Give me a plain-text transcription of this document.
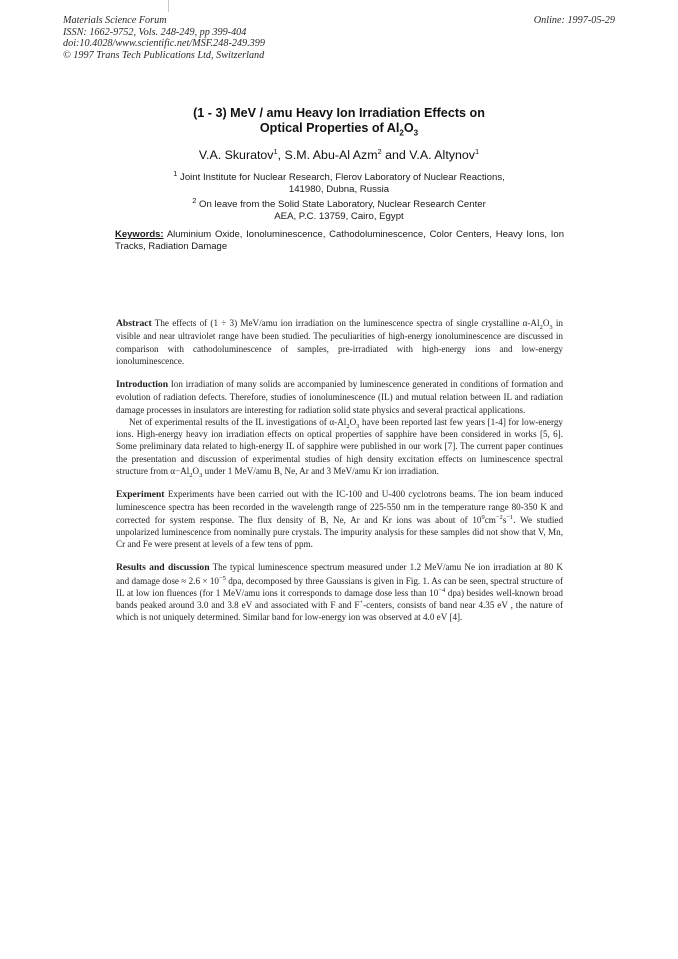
Materials Science Forum
ISSN: 1662-9752, Vols. 248-249, pp 399-404
doi:10.4028/www.scientific.net/MSF.248-249.399
© 1997 Trans Tech Publications Ltd, Switzerland
Online: 1997-05-29
(1 - 3) MeV / amu Heavy Ion Irradiation Effects on
Optical Properties of $Al_2O_3$
V.A. Skuratov$^1$, S.M. Abu-Al Azm$^2$ and V.A. Altynov$^1$
$^1$ Joint Institute for Nuclear Research, Flerov Laboratory of Nuclear Reactions,
141980, Dubna, Russia
$^2$ On leave from the Solid State Laboratory, Nuclear Research Center
AEA, P.C. 13759, Cairo, Egypt
Keywords: Aluminium Oxide, Ionoluminescence, Cathodoluminescence, Color Centers, Heavy Ions, Ion Tracks, Radiation Damage

Abstract The effects of (1 ÷ 3) MeV/amu ion irradiation on the luminescence spectra of single crystalline $\alpha-Al_2O_3$ in visible and near ultraviolet range have been studied. The peculiarities of high-energy ionoluminescence are discussed in comparison with cathodoluminescence of samples, pre-irradiated with high-energy ions and low-energy ionoluminescence.

Introduction Ion irradiation of many solids are accompanied by luminescence generated in conditions of formation and evolution of radiation defects. Therefore, studies of ionoluminescence (IL) and mutual relation between IL and radiation damage processes in insulators are interesting for radiation solid state physics and several practical applications.

Net of experimental results of the IL investigations of $\alpha-Al_2O_3$ have been reported last few years [1-4] for low-energy ions. High-energy heavy ion irradiation effects on optical properties of sapphire have been considered in works [5, 6]. Some preliminary data related to high-energy IL of sapphire were published in our work [7]. The current paper continues the presentation and discussion of experimental studies of high density excitation effects on luminescence spectral structure from $\alpha-Al_2O_3$ under 1 MeV/amu B, Ne, Ar and 3 MeV/amu Kr ion irradiation.

Experiment Experiments have been carried out with the IC-100 and U-400 cyclotrons beams. The ion beam induced luminescence spectra has been recorded in the wavelength range of 225-550 nm in the temperature range 80-350 K and corrected for system response. The flux density of B, Ne, Ar and Kr ions was about of $10^9cm^{-2}s^{-1}$. We studied unpolarized luminescence from nominally pure crystals. The impurity analysis for these samples did not show that V, Mn, Cr and Fe were present at levels of a few tens of ppm.

Results and discussion The typical luminescence spectrum measured under 1.2 MeV/amu Ne ion irradiation at 80 K and damage dose ≈ $2.6 \times 10^{-5}$ dpa, decomposed by three Gaussians is given in Fig. 1. As can be seen, spectral structure of IL at low ion fluences (for 1 MeV/amu ions it corresponds to damage dose less than $10^{-4}$ dpa) besides well-known broad bands peaked around 3.0 and 3.8 eV and associated with F and F+-centers, consists of band near 4.35 eV , the nature of which is not uniquely determined. Similar band for low-energy ion was observed at 4.0 eV [4].
